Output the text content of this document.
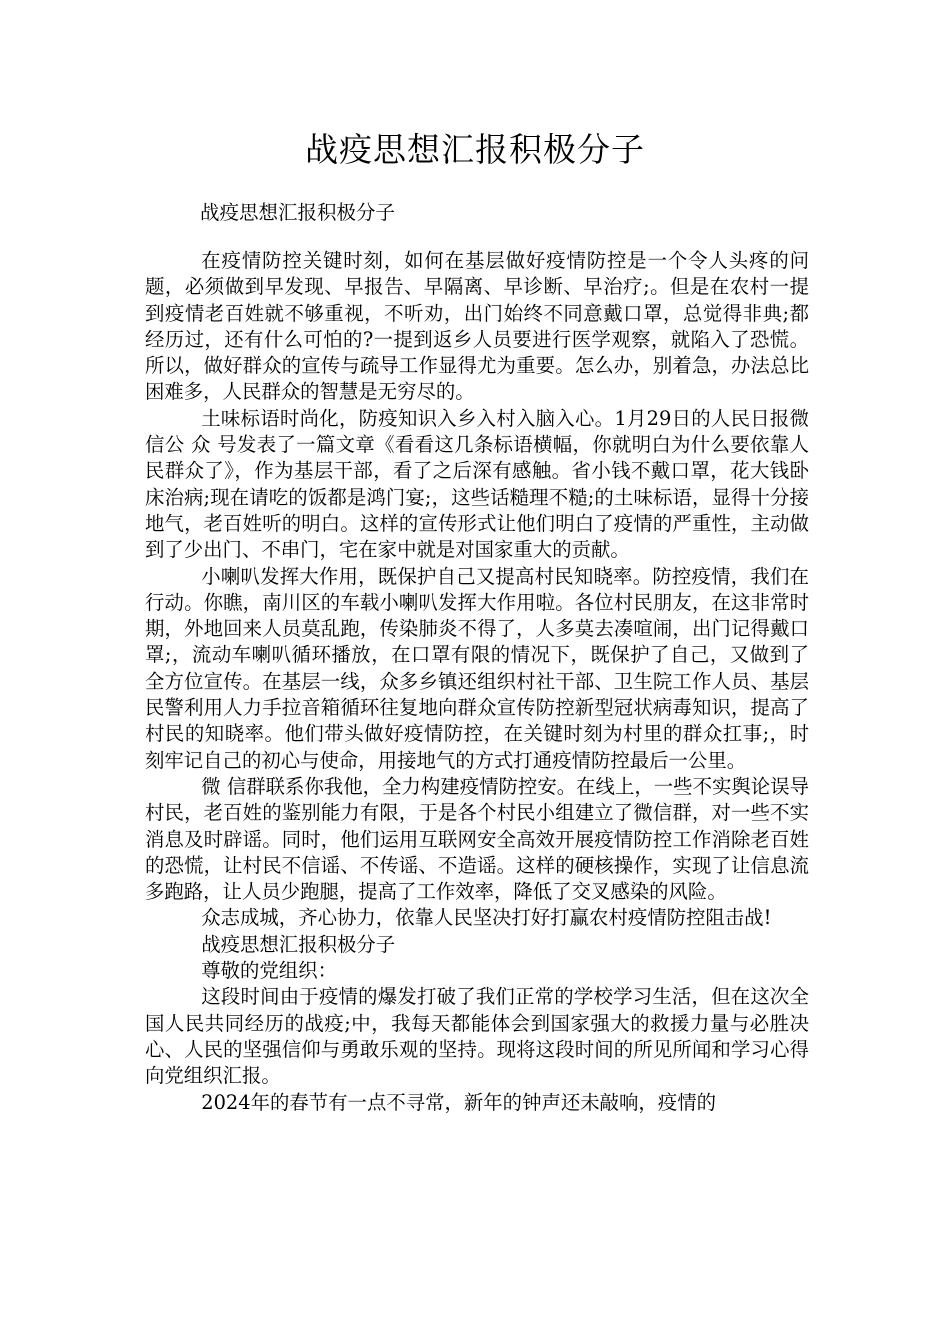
战疫思想汇报积极分子

战疫思想汇报积极分子

在疫情防控关键时刻，如何在基层做好疫情防控是一个令人头疼的问题，必须做到早发现、早报告、早隔离、早诊断、早治疗;。但是在农村一提到疫情老百姓就不够重视，不听劝，出门始终不同意戴口罩，总觉得非典;都经历过，还有什么可怕的?一提到返乡人员要进行医学观察，就陷入了恐慌。所以，做好群众的宣传与疏导工作显得尤为重要。怎么办，别着急，办法总比困难多，人民群众的智慧是无穷尽的。

土味标语时尚化，防疫知识入乡入村入脑入心。1月29日的人民日报微 信公 众 号发表了一篇文章《看看这几条标语横幅，你就明白为什么要依靠人民群众了》，作为基层干部，看了之后深有感触。省小钱不戴口罩，花大钱卧床治病;现在请吃的饭都是鸿门宴;，这些话糙理不糙;的土味标语，显得十分接地气，老百姓听的明白。这样的宣传形式让他们明白了疫情的严重性，主动做到了少出门、不串门，宅在家中就是对国家重大的贡献。

小喇叭发挥大作用，既保护自己又提高村民知晓率。防控疫情，我们在行动。你瞧，南川区的车载小喇叭发挥大作用啦。各位村民朋友，在这非常时期，外地回来人员莫乱跑，传染肺炎不得了，人多莫去凑喧闹，出门记得戴口罩;，流动车喇叭循环播放，在口罩有限的情况下，既保护了自己，又做到了全方位宣传。在基层一线，众多乡镇还组织村社干部、卫生院工作人员、基层民警利用人力手拉音箱循环往复地向群众宣传防控新型冠状病毒知识，提高了村民的知晓率。他们带头做好疫情防控，在关键时刻为村里的群众扛事;，时刻牢记自己的初心与使命，用接地气的方式打通疫情防控最后一公里。

微 信群联系你我他，全力构建疫情防控安。在线上，一些不实舆论误导村民，老百姓的鉴别能力有限，于是各个村民小组建立了微信群，对一些不实消息及时辟谣。同时，他们运用互联网安全高效开展疫情防控工作消除老百姓的恐慌，让村民不信谣、不传谣、不造谣。这样的硬核操作，实现了让信息流多跑路，让人员少跑腿，提高了工作效率，降低了交叉感染的风险。

众志成城，齐心协力，依靠人民坚决打好打赢农村疫情防控阻击战!

战疫思想汇报积极分子

尊敬的党组织：

这段时间由于疫情的爆发打破了我们正常的学校学习生活，但在这次全国人民共同经历的战疫;中，我每天都能体会到国家强大的救援力量与必胜决心、人民的坚强信仰与勇敢乐观的坚持。现将这段时间的所见所闻和学习心得向党组织汇报。

2024年的春节有一点不寻常，新年的钟声还未敲响，疫情的
